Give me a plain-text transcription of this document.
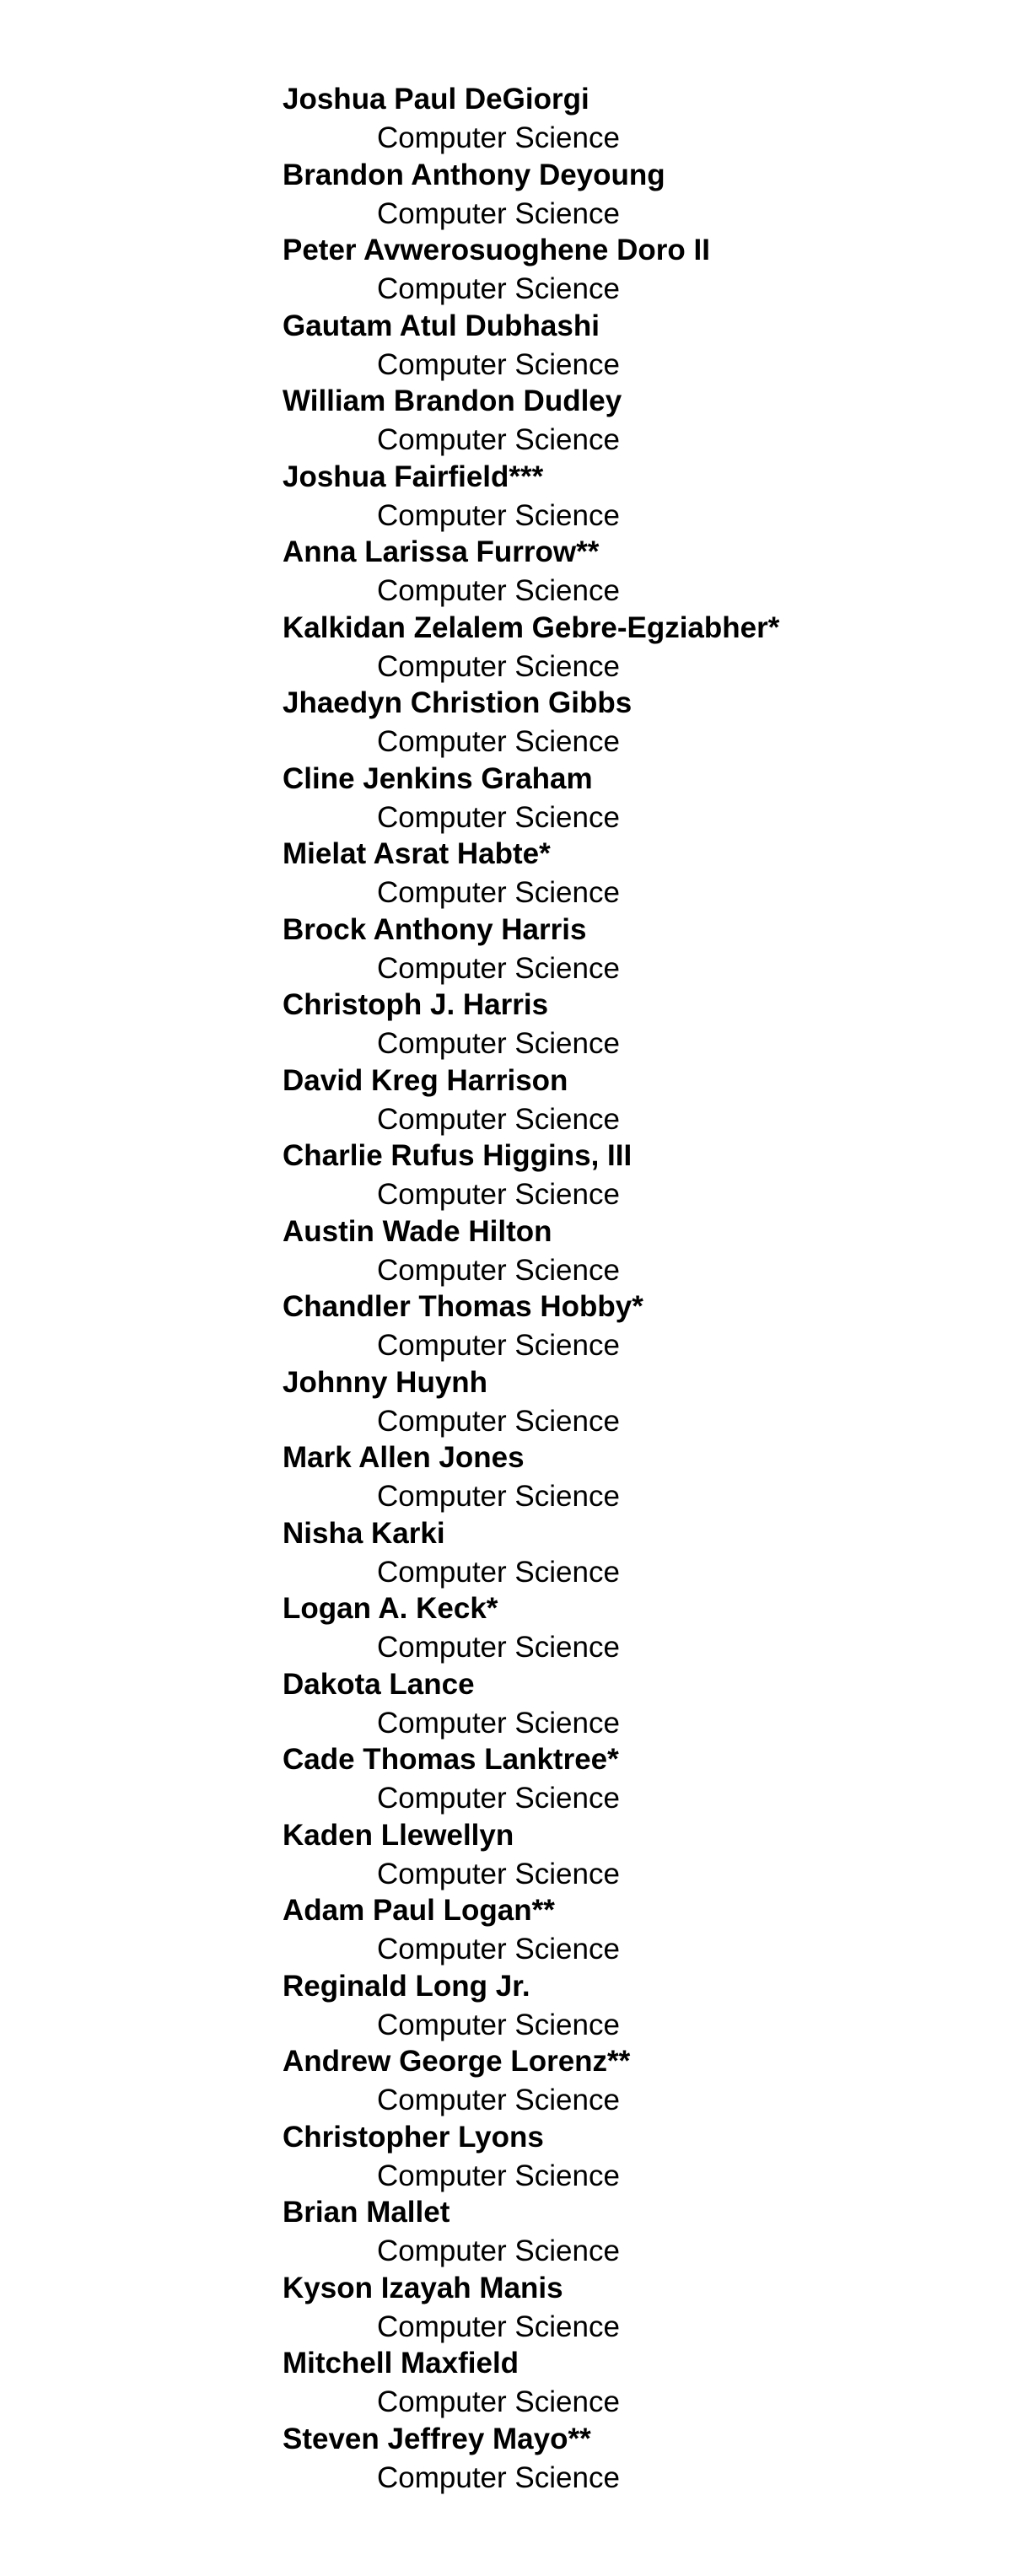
Joshua Paul DeGiorgi
Computer Science
Brandon Anthony Deyoung
Computer Science
Peter Avwerosuoghene Doro II
Computer Science
Gautam Atul Dubhashi
Computer Science
William Brandon Dudley
Computer Science
Joshua Fairfield***
Computer Science
Anna Larissa Furrow**
Computer Science
Kalkidan Zelalem Gebre-Egziabher*
Computer Science
Jhaedyn Christion Gibbs
Computer Science
Cline Jenkins Graham
Computer Science
Mielat Asrat Habte*
Computer Science
Brock Anthony Harris
Computer Science
Christoph J. Harris
Computer Science
David Kreg Harrison
Computer Science
Charlie Rufus Higgins, III
Computer Science
Austin Wade Hilton
Computer Science
Chandler Thomas Hobby*
Computer Science
Johnny Huynh
Computer Science
Mark Allen Jones
Computer Science
Nisha Karki
Computer Science
Logan A. Keck*
Computer Science
Dakota Lance
Computer Science
Cade Thomas Lanktree*
Computer Science
Kaden Llewellyn
Computer Science
Adam Paul Logan**
Computer Science
Reginald Long Jr.
Computer Science
Andrew George Lorenz**
Computer Science
Christopher Lyons
Computer Science
Brian Mallet
Computer Science
Kyson Izayah Manis
Computer Science
Mitchell Maxfield
Computer Science
Steven Jeffrey Mayo**
Computer Science
